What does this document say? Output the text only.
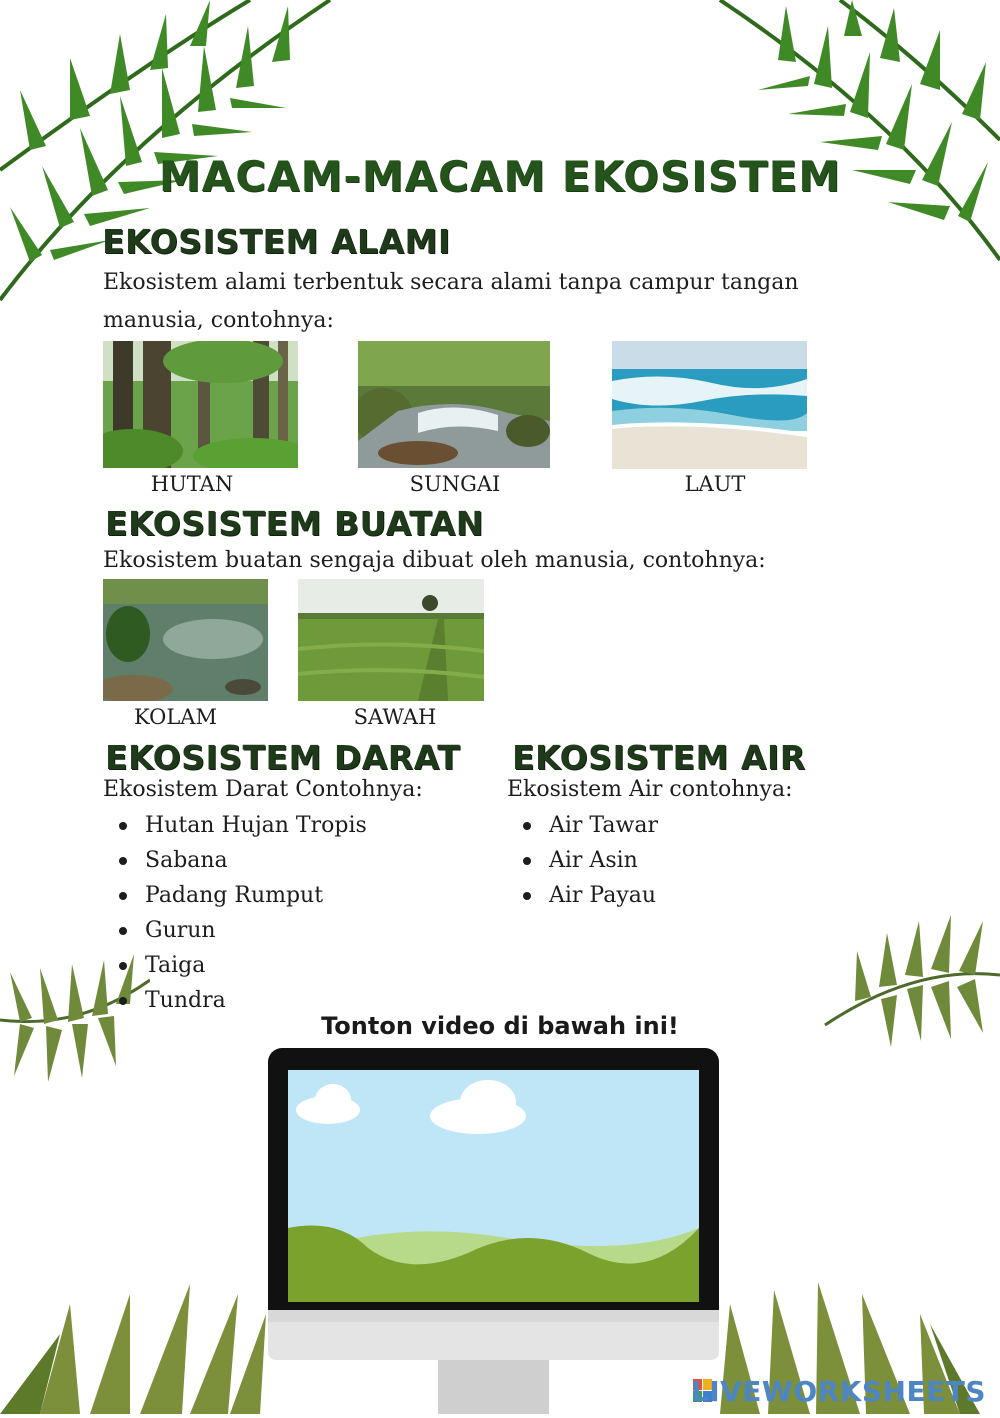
MACAM-MACAM EKOSISTEM
EKOSISTEM ALAMI
Ekosistem alami terbentuk secara alami tanpa campur tangan manusia, contohnya:
HUTAN	SUNGAI	LAUT
EKOSISTEM BUATAN
Ekosistem buatan sengaja dibuat oleh manusia, contohnya:
KOLAM	SAWAH
EKOSISTEM DARAT
Ekosistem Darat Contohnya:
Hutan Hujan Tropis
Sabana
Padang Rumput
Gurun
Taiga
Tundra
EKOSISTEM AIR
Ekosistem Air contohnya:
Air Tawar
Air Asin
Air Payau
Tonton video di bawah ini!
LIVEWORKSHEETS
